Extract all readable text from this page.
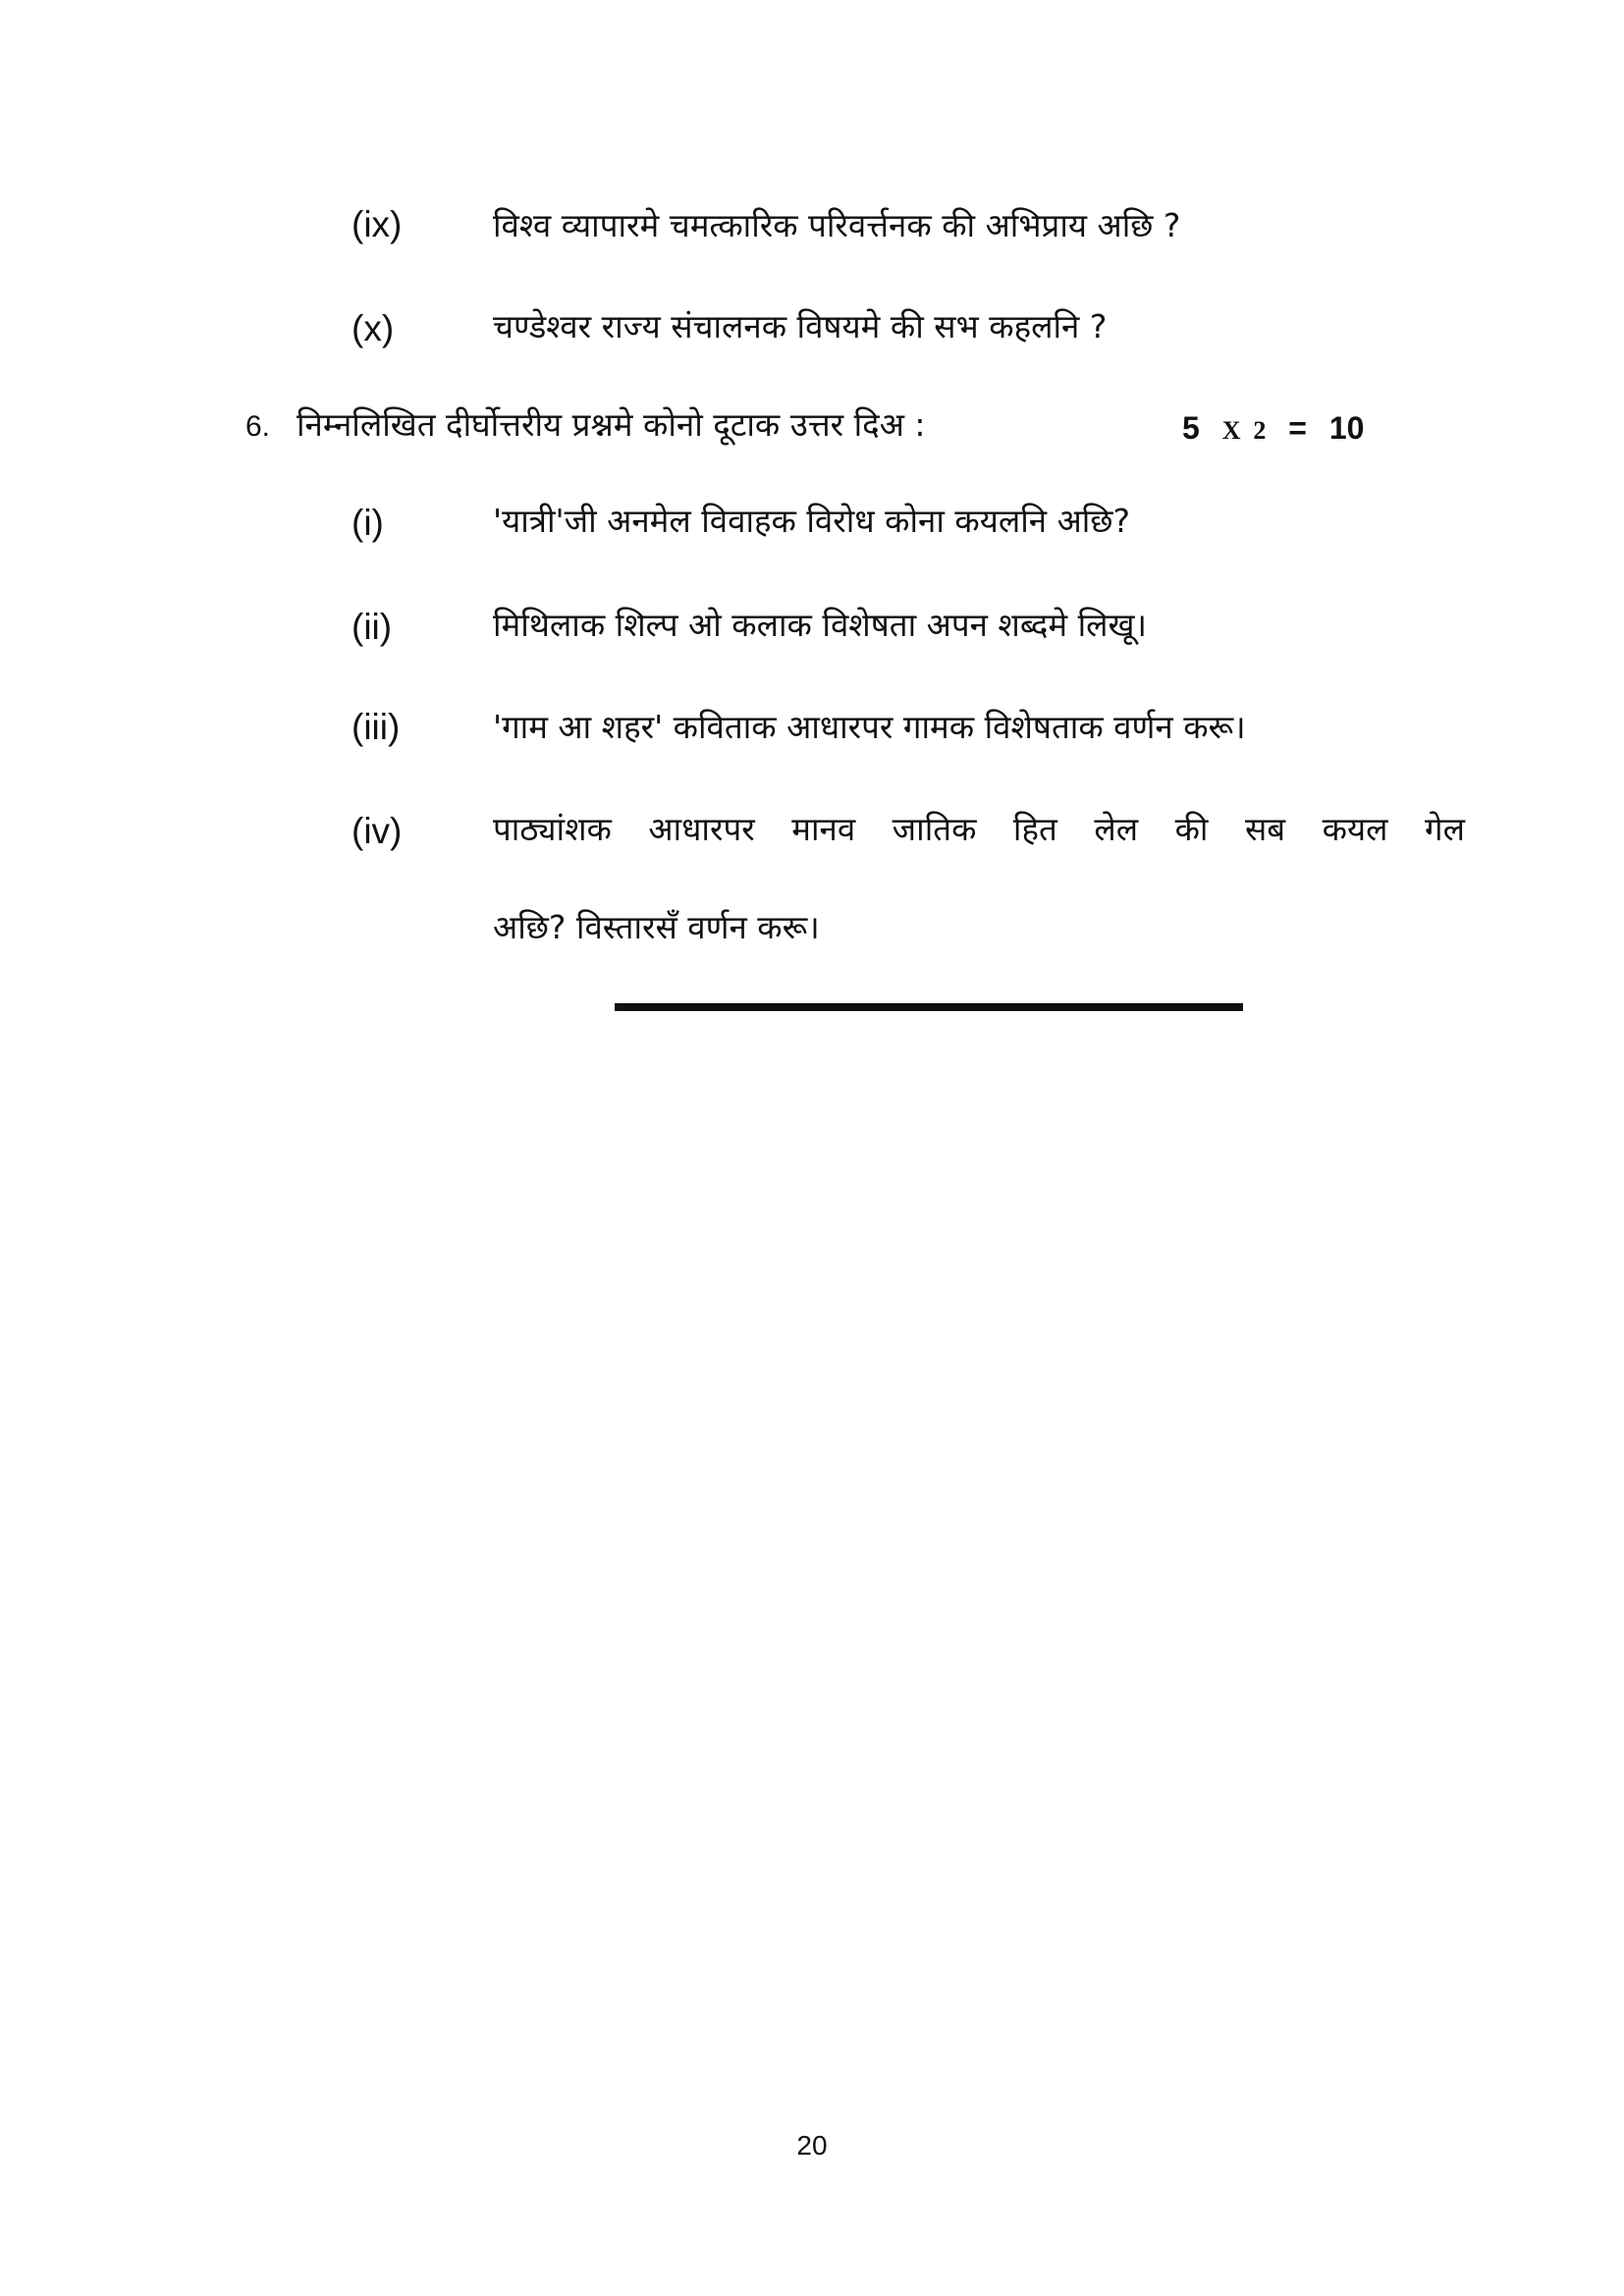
(ix)	विश्व व्यापारमे चमत्कारिक परिवर्त्तनक की अभिप्राय अछि ?
(x)	चण्डेश्वर राज्य संचालनक विषयमे की सभ कहलनि ?
6. निम्नलिखित दीर्घोत्तरीय प्रश्नमे कोनो दूटाक उत्तर दिअ :	5 X 2 = 10
(i)	'यात्री'जी अनमेल विवाहक विरोध कोना कयलनि अछि?
(ii)	मिथिलाक शिल्प ओ कलाक विशेषता अपन शब्दमे लिखू।
(iii)	'गाम आ शहर' कविताक आधारपर गामक विशेषताक वर्णन करू।
(iv)	पाठ्यांशक आधारपर मानव जातिक हित लेल की सब कयल गेल
अछि? विस्तारसँ वर्णन करू।
20
